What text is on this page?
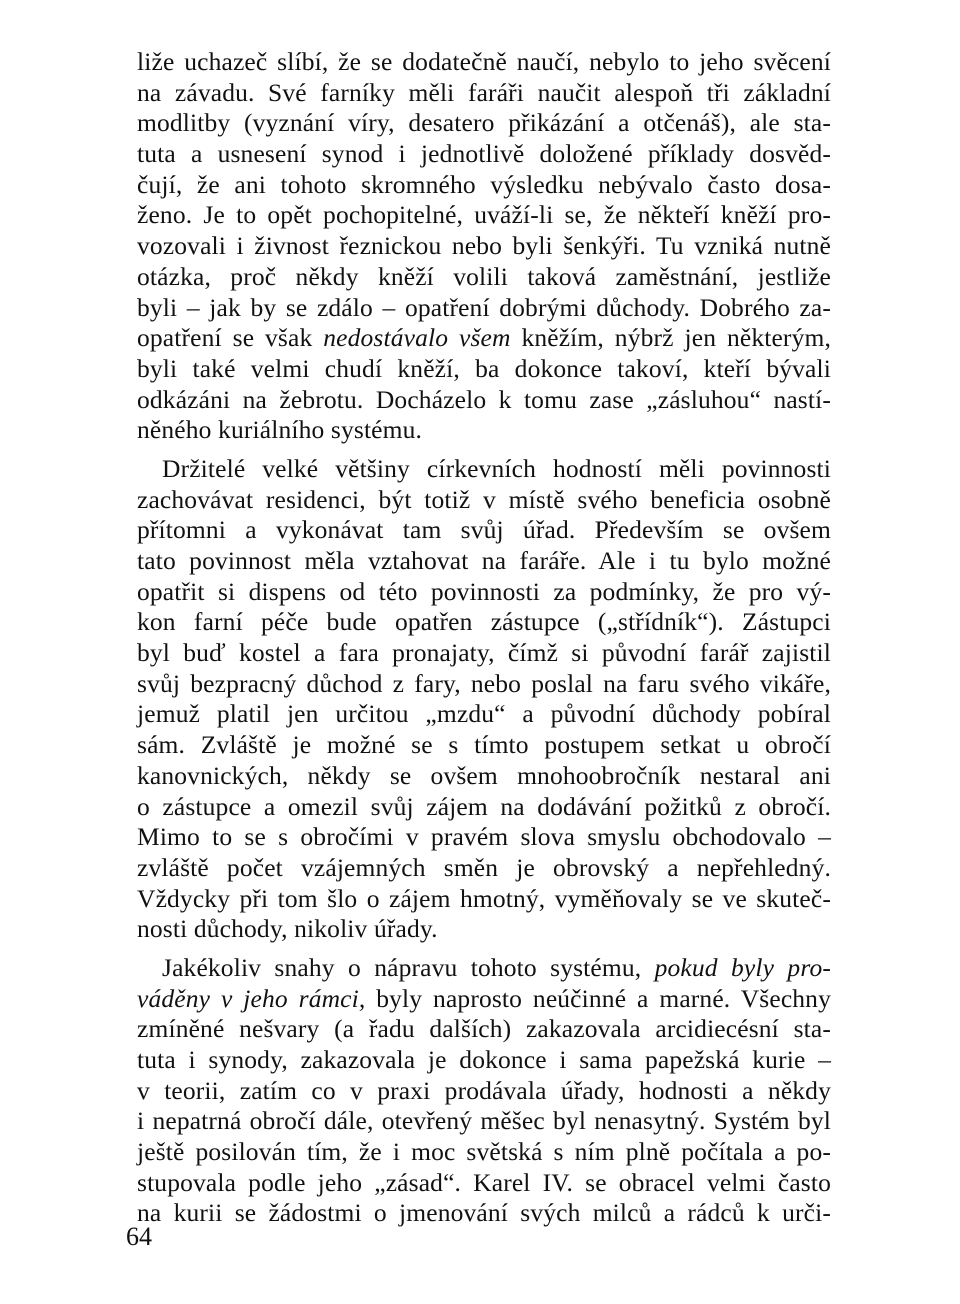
liže uchazeč slíbí, že se dodatečně naučí, nebylo to jeho svěcení
na závadu. Své farníky měli faráři naučit alespoň tři základní
modlitby (vyznání víry, desatero přikázání a otčenáš), ale sta-
tuta a usnesení synod i jednotlivě doložené příklady dosvěd-
čují, že ani tohoto skromného výsledku nebývalo často dosa-
ženo. Je to opět pochopitelné, uváží-li se, že někteří kněží pro-
vozovali i živnost řeznickou nebo byli šenkýři. Tu vzniká nutně
otázka, proč někdy kněží volili taková zaměstnání, jestliže
byli – jak by se zdálo – opatření dobrými důchody. Dobrého za-
opatření se však nedostávalo všem kněžím, nýbrž jen některým,
byli také velmi chudí kněží, ba dokonce takoví, kteří bývali
odkázáni na žebrotu. Docházelo k tomu zase „zásluhou“ nastí-
něného kuriálního systému.
Držitelé velké většiny církevních hodností měli povinnosti
zachovávat residenci, být totiž v místě svého beneficia osobně
přítomni a vykonávat tam svůj úřad. Především se ovšem
tato povinnost měla vztahovat na faráře. Ale i tu bylo možné
opatřit si dispens od této povinnosti za podmínky, že pro vý-
kon farní péče bude opatřen zástupce („střídník“). Zástupci
byl buď kostel a fara pronajaty, čímž si původní farář zajistil
svůj bezpracný důchod z fary, nebo poslal na faru svého vikáře,
jemuž platil jen určitou „mzdu“ a původní důchody pobíral
sám. Zvláště je možné se s tímto postupem setkat u obročí
kanovnických, někdy se ovšem mnohoobročník nestaral ani
o zástupce a omezil svůj zájem na dodávání požitků z obročí.
Mimo to se s obročími v pravém slova smyslu obchodovalo –
zvláště počet vzájemných směn je obrovský a nepřehledný.
Vždycky při tom šlo o zájem hmotný, vyměňovaly se ve skuteč-
nosti důchody, nikoliv úřady.
Jakékoliv snahy o nápravu tohoto systému, pokud byly pro-
váděny v jeho rámci, byly naprosto neúčinné a marné. Všechny
zmíněné nešvary (a řadu dalších) zakazovala arcidiecésní sta-
tuta i synody, zakazovala je dokonce i sama papežská kurie –
v teorii, zatím co v praxi prodávala úřady, hodnosti a někdy
i nepatrná obročí dále, otevřený měšec byl nenasytný. Systém byl
ještě posilován tím, že i moc světská s ním plně počítala a po-
stupovala podle jeho „zásad“. Karel IV. se obracel velmi často
na kurii se žádostmi o jmenování svých milců a rádců k urči-
64
